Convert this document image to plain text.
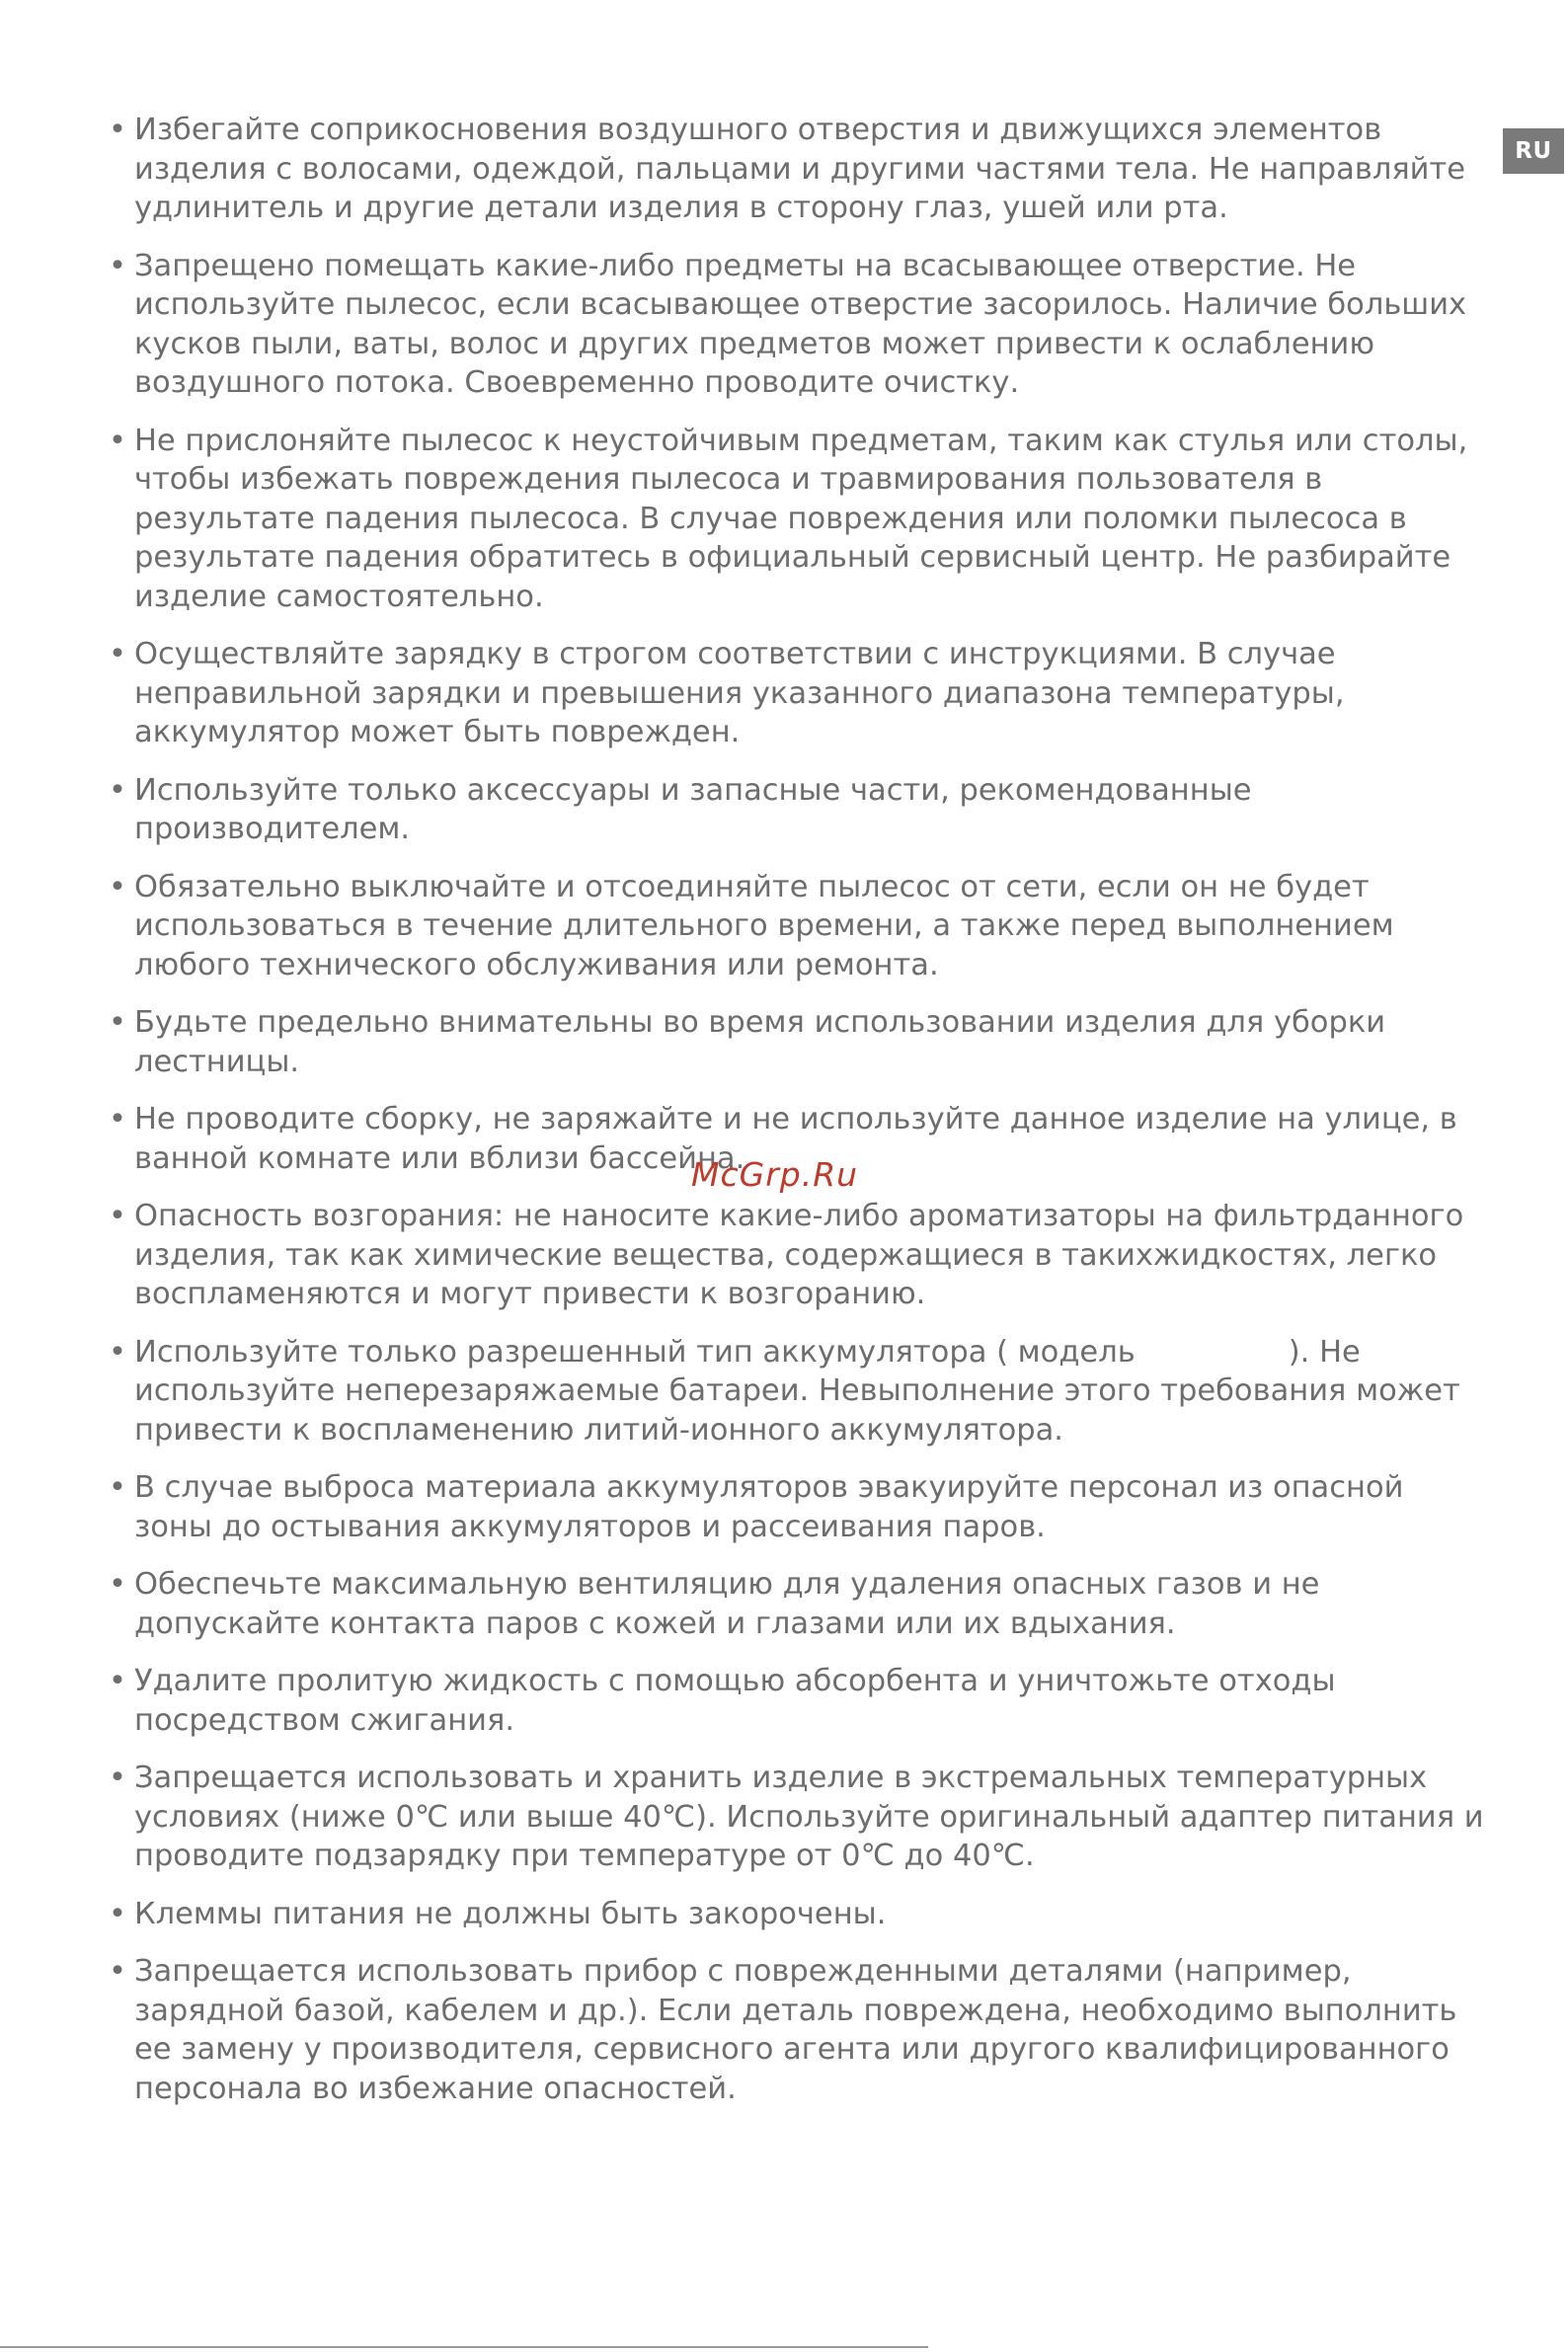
RU

• Избегайте соприкосновения воздушного отверстия и движущихся элементов изделия с волосами, одеждой, пальцами и другими частями тела. Не направляйте удлинитель и другие детали изделия в сторону глаз, ушей или рта.

• Запрещено помещать какие-либо предметы на всасывающее отверстие. Не используйте пылесос, если всасывающее отверстие засорилось. Наличие больших кусков пыли, ваты, волос и других предметов может привести к ослаблению воздушного потока. Своевременно проводите очистку.

• Не прислоняйте пылесос к неустойчивым предметам, таким как стулья или столы, чтобы избежать повреждения пылесоса и травмирования пользователя в результате падения пылесоса. В случае повреждения или поломки пылесоса в результате падения обратитесь в официальный сервисный центр. Не разбирайте изделие самостоятельно.

• Осуществляйте зарядку в строгом соответствии с инструкциями. В случае неправильной зарядки и превышения указанного диапазона температуры, аккумулятор может быть поврежден.

• Используйте только аксессуары и запасные части, рекомендованные производителем.

• Обязательно выключайте и отсоединяйте пылесос от сети, если он не будет использоваться в течение длительного времени, а также перед выполнением любого технического обслуживания или ремонта.

• Будьте предельно внимательны во время использовании изделия для уборки лестницы.

• Не проводите сборку, не заряжайте и не используйте данное изделие на улице, в ванной комнате или вблизи бассейна.

• Опасность возгорания: не наносите какие-либо ароматизаторы на фильтрданного изделия, так как химические вещества, содержащиеся в такихжидкостях, легко воспламеняются и могут привести к возгоранию.

• Используйте только разрешенный тип аккумулятора ( модель                ). Не используйте неперезаряжаемые батареи. Невыполнение этого требования может привести к воспламенению литий-ионного аккумулятора.

• В случае выброса материала аккумуляторов эвакуируйте персонал из опасной зоны до остывания аккумуляторов и рассеивания паров.

• Обеспечьте максимальную вентиляцию для удаления опасных газов и не допускайте контакта паров с кожей и глазами или их вдыхания.

• Удалите пролитую жидкость с помощью абсорбента и уничтожьте отходы посредством сжигания.

• Запрещается использовать и хранить изделие в экстремальных температурных условиях (ниже 0℃ или выше 40℃). Используйте оригинальный адаптер питания и проводите подзарядку при температуре от 0℃ до 40℃.

• Клеммы питания не должны быть закорочены.

• Запрещается использовать прибор с поврежденными деталями (например, зарядной базой, кабелем и др.). Если деталь повреждена, необходимо выполнить ее замену у производителя, сервисного агента или другого квалифицированного персонала во избежание опасностей.

McGrp.Ru
